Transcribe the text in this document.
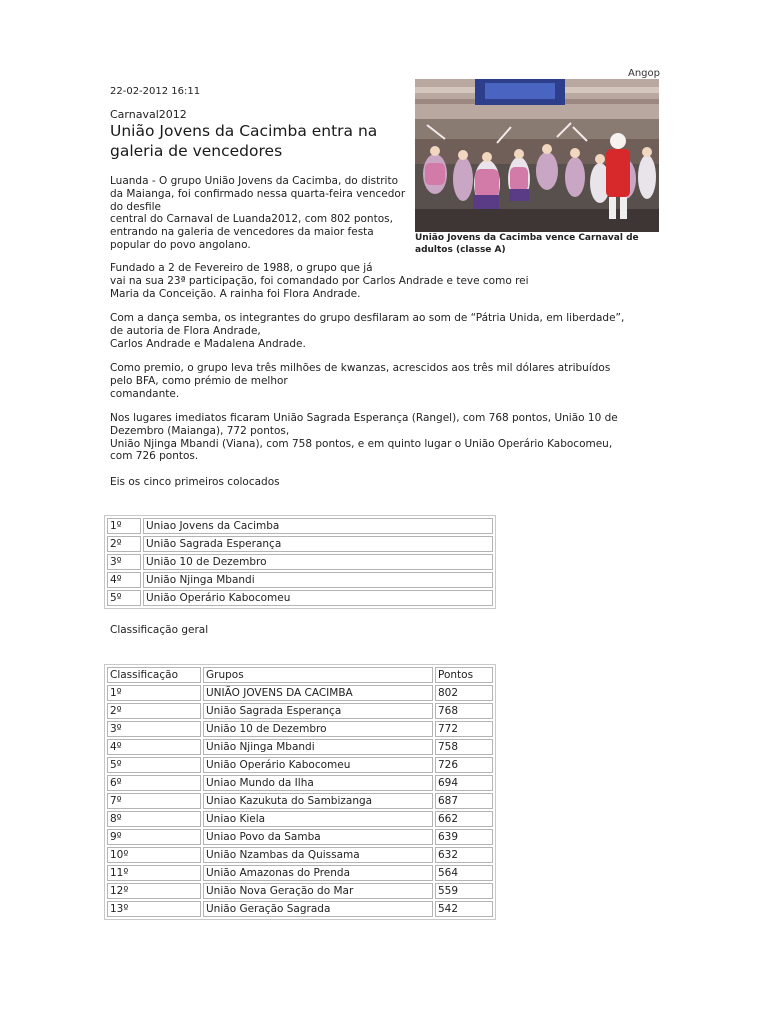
Angop
22-02-2012 16:11
Carnaval2012
União Jovens da Cacimba entra na galeria de vencedores
União Jovens da Cacimba vence Carnaval de adultos (classe A)
Luanda - O grupo União Jovens da Cacimba, do distrito da Maianga, foi confirmado nessa quarta-feira vencedor do desfile
central do Carnaval de Luanda2012, com 802 pontos, entrando na galeria de vencedores da maior festa popular do povo angolano.
Fundado a 2 de Fevereiro de 1988, o grupo que já
vai na sua 23ª participação, foi comandado por Carlos Andrade e teve como rei
Maria da Conceição. A rainha foi Flora Andrade.
Com a dança semba, os integrantes do grupo desfilaram ao som de “Pátria Unida, em liberdade”,
de autoria de Flora Andrade,
Carlos Andrade e Madalena Andrade.
Como premio, o grupo leva três milhões de kwanzas, acrescidos aos três mil dólares atribuídos
pelo BFA, como prémio de melhor
comandante.
Nos lugares imediatos ficaram União Sagrada Esperança (Rangel), com 768 pontos, União 10 de
Dezembro (Maianga), 772 pontos,
União Njinga Mbandi (Viana), com 758 pontos, e em quinto lugar o União Operário Kabocomeu,
com 726 pontos.
Eis os cinco primeiros colocados
1º	Uniao Jovens da Cacimba
2º	União Sagrada Esperança
3º	União 10 de Dezembro
4º	União Njinga Mbandi
5º	União Operário Kabocomeu
Classificação geral
Classificação	Grupos	Pontos
1º	UNIÃO JOVENS DA CACIMBA	802
2º	União Sagrada Esperança	768
3º	União 10 de Dezembro	772
4º	União Njinga Mbandi	758
5º	União Operário Kabocomeu	726
6º	Uniao Mundo da Ilha	694
7º	Uniao Kazukuta do Sambizanga	687
8º	Uniao Kiela	662
9º	Uniao Povo da Samba	639
10º	União Nzambas da Quissama	632
11º	União Amazonas do Prenda	564
12º	União Nova Geração do Mar	559
13º	União Geração Sagrada	542
